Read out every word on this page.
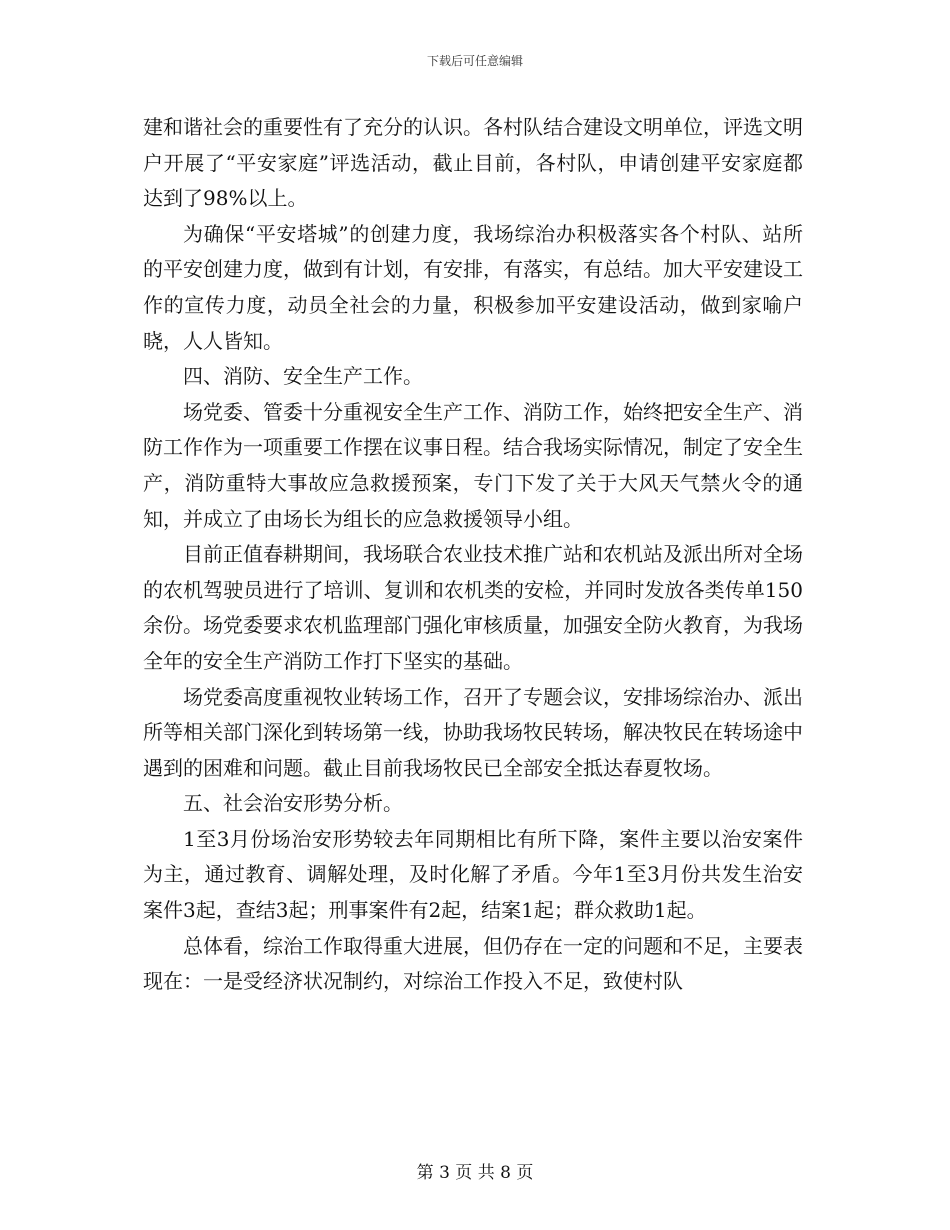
下载后可任意编辑

建和谐社会的重要性有了充分的认识。各村队结合建设文明单位，评选文明户开展了“平安家庭”评选活动，截止目前，各村队，申请创建平安家庭都达到了98%以上。

为确保“平安塔城”的创建力度，我场综治办积极落实各个村队、站所的平安创建力度，做到有计划，有安排，有落实，有总结。加大平安建设工作的宣传力度，动员全社会的力量，积极参加平安建设活动，做到家喻户晓，人人皆知。

四、消防、安全生产工作。

场党委、管委十分重视安全生产工作、消防工作，始终把安全生产、消防工作作为一项重要工作摆在议事日程。结合我场实际情况，制定了安全生产，消防重特大事故应急救援预案，专门下发了关于大风天气禁火令的通知，并成立了由场长为组长的应急救援领导小组。

目前正值春耕期间，我场联合农业技术推广站和农机站及派出所对全场的农机驾驶员进行了培训、复训和农机类的安检，并同时发放各类传单150余份。场党委要求农机监理部门强化审核质量，加强安全防火教育，为我场全年的安全生产消防工作打下坚实的基础。

场党委高度重视牧业转场工作，召开了专题会议，安排场综治办、派出所等相关部门深化到转场第一线，协助我场牧民转场，解决牧民在转场途中遇到的困难和问题。截止目前我场牧民已全部安全抵达春夏牧场。

五、社会治安形势分析。

1至3月份场治安形势较去年同期相比有所下降，案件主要以治安案件为主，通过教育、调解处理，及时化解了矛盾。今年1至3月份共发生治安案件3起，查结3起；刑事案件有2起，结案1起；群众救助1起。

总体看，综治工作取得重大进展，但仍存在一定的问题和不足，主要表现在：一是受经济状况制约，对综治工作投入不足，致使村队

第 3 页 共 8 页
